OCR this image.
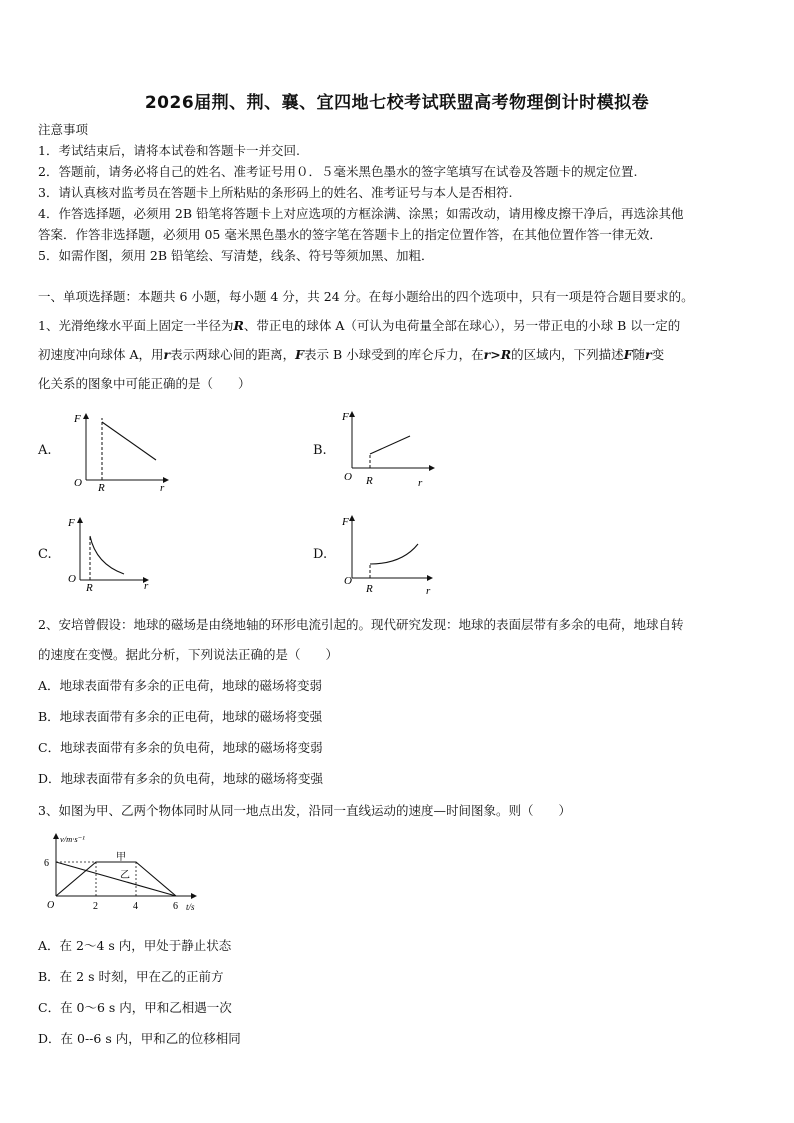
2026届荆、荆、襄、宜四地七校考试联盟高考物理倒计时模拟卷
注意事项
1．考试结束后，请将本试卷和答题卡一并交回.
2．答题前，请务必将自己的姓名、准考证号用０．５毫米黑色墨水的签字笔填写在试卷及答题卡的规定位置.
3．请认真核对监考员在答题卡上所粘贴的条形码上的姓名、准考证号与本人是否相符.
4．作答选择题，必须用 2B 铅笔将答题卡上对应选项的方框涂满、涂黑；如需改动，请用橡皮擦干净后，再选涂其他
答案．作答非选择题，必须用 05 毫米黑色墨水的签字笔在答题卡上的指定位置作答，在其他位置作答一律无效．
5．如需作图，须用 2B 铅笔绘、写清楚，线条、符号等须加黑、加粗．
一、单项选择题：本题共 6 小题，每小题 4 分，共 24 分。在每小题给出的四个选项中，只有一项是符合题目要求的。
1、光滑绝缘水平面上固定一半径为R、带正电的球体 A（可认为电荷量全部在球心），另一带正电的小球 B 以一定的
初速度冲向球体 A，用r表示两球心间的距离，F表示 B 小球受到的库仑斥力，在r>R的区域内，下列描述F随r变
化关系的图象中可能正确的是（　　）
A.	B.
C.	D.
F
O R	r
F
O R	r
F
O
R	r
F
O
R	r
2、安培曾假设：地球的磁场是由绕地轴的环形电流引起的。现代研究发现：地球的表面层带有多余的电荷，地球自转
的速度在变慢。据此分析，下列说法正确的是（　　）
A．地球表面带有多余的正电荷，地球的磁场将变弱
B．地球表面带有多余的正电荷，地球的磁场将变强
C．地球表面带有多余的负电荷，地球的磁场将变弱
D．地球表面带有多余的负电荷，地球的磁场将变强
3、如图为甲、乙两个物体同时从同一地点出发，沿同一直线运动的速度—时间图象。则（　　）
2	4	6
v/m·s⁻¹
t/s
O
6
甲
乙
A．在 2～4 s 内，甲处于静止状态
B．在 2 s 时刻，甲在乙的正前方
C．在 0～6 s 内，甲和乙相遇一次
D．在 0--6 s 内，甲和乙的位移相同
